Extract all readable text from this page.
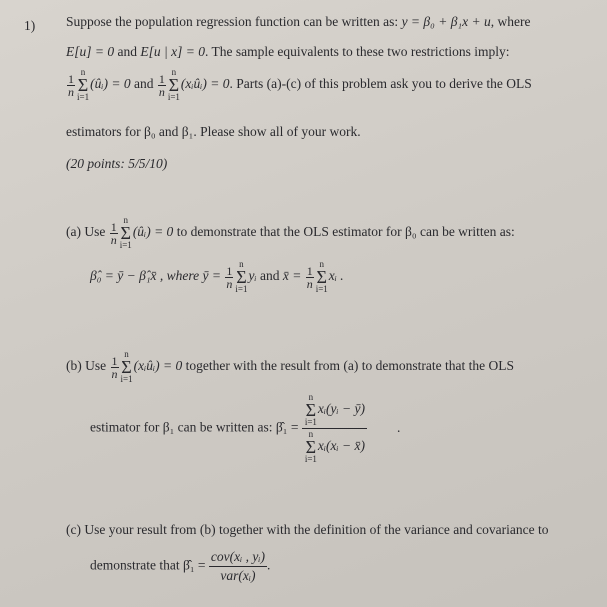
1) Suppose the population regression function can be written as: y = β₀ + β₁x + u, where
E[u] = 0 and E[u | x] = 0. The sample equivalents to these two restrictions imply:
$\frac{1}{n}$
n
Σ
i=1(ûᵢ) = 0 and $\frac{1}{n}$
n
Σ
i=1(xᵢûᵢ) = 0. Parts (a)-(c) of this problem ask you to derive the OLS
estimators for β₀ and β₁. Please show all of your work.
(20 points: 5/5/10)
(a) Use $\frac{1}{n}$
n
Σ
i=1(ûᵢ) = 0 to demonstrate that the OLS estimator for β₀ can be written as:
β̂₀ = ȳ − β̂₁x̄ , where ȳ = $\frac{1}{n}$
n
Σ
i=1yᵢ and x̄ = $\frac{1}{n}$
n
Σ
i=1xᵢ .
(b) Use $\frac{1}{n}$
n
Σ
i=1(xᵢûᵢ) = 0 together with the result from (a) to demonstrate that the OLS
estimator for β₁ can be written as: β̂₁ =
n
Σ
i=1xᵢ(yᵢ − ȳ)
n
Σ
i=1xᵢ(xᵢ − x̄)
.
(c) Use your result from (b) together with the definition of the variance and covariance to
demonstrate that β̂₁ =
cov(xᵢ , yᵢ)
var(xᵢ)
.
